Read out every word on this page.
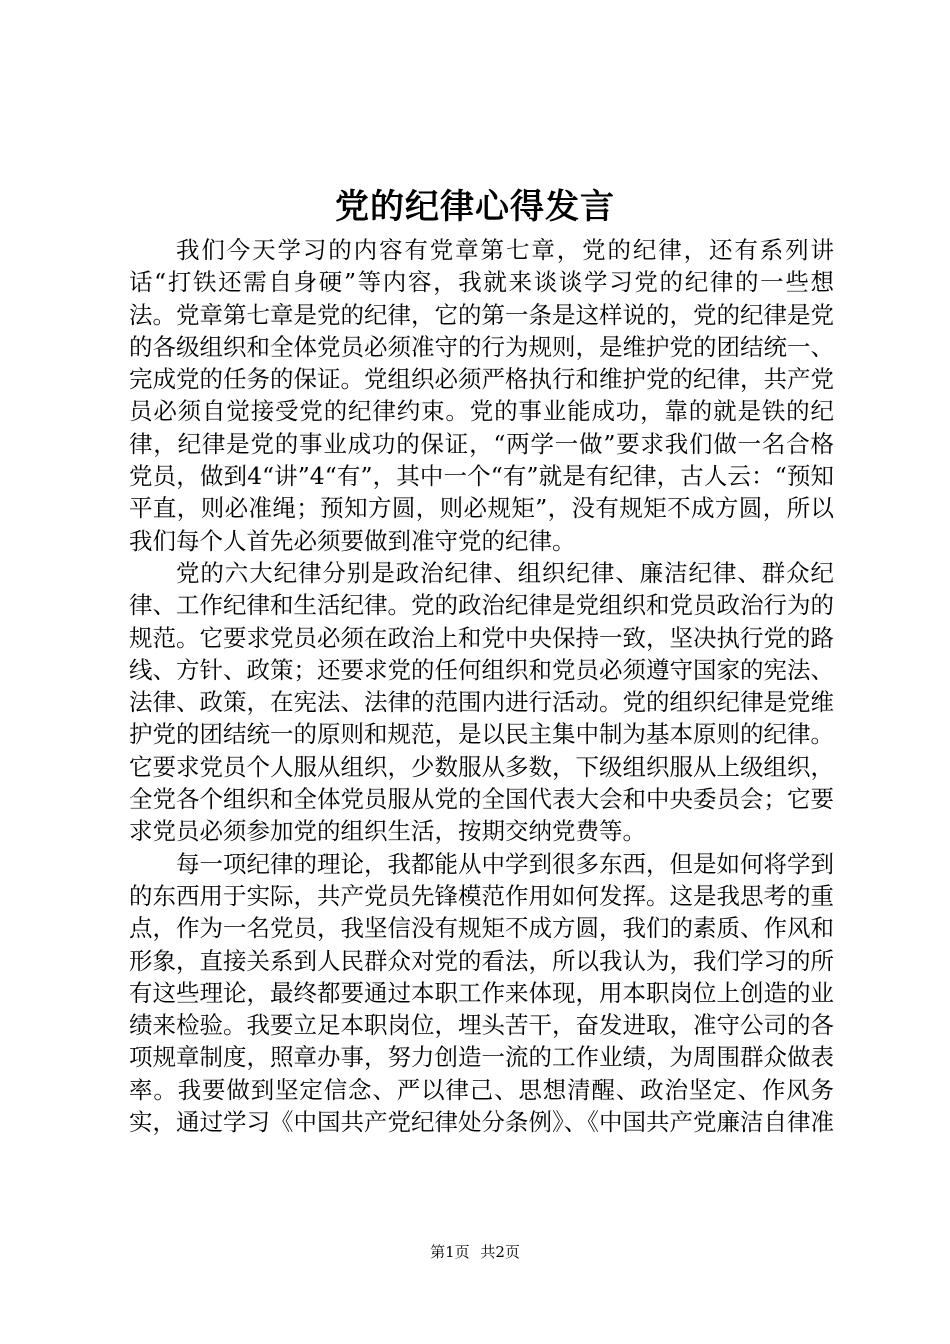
党的纪律心得发言

我们今天学习的内容有党章第七章，党的纪律，还有系列讲话“打铁还需自身硬”等内容，我就来谈谈学习党的纪律的一些想法。党章第七章是党的纪律，它的第一条是这样说的，党的纪律是党的各级组织和全体党员必须准守的行为规则，是维护党的团结统一、完成党的任务的保证。党组织必须严格执行和维护党的纪律，共产党员必须自觉接受党的纪律约束。党的事业能成功，靠的就是铁的纪律，纪律是党的事业成功的保证，“两学一做”要求我们做一名合格党员，做到4“讲”4“有”，其中一个“有”就是有纪律，古人云：“预知平直，则必准绳；预知方圆，则必规矩”，没有规矩不成方圆，所以我们每个人首先必须要做到准守党的纪律。

党的六大纪律分别是政治纪律、组织纪律、廉洁纪律、群众纪律、工作纪律和生活纪律。党的政治纪律是党组织和党员政治行为的规范。它要求党员必须在政治上和党中央保持一致，坚决执行党的路线、方针、政策；还要求党的任何组织和党员必须遵守国家的宪法、法律、政策，在宪法、法律的范围内进行活动。党的组织纪律是党维护党的团结统一的原则和规范，是以民主集中制为基本原则的纪律。它要求党员个人服从组织，少数服从多数，下级组织服从上级组织，全党各个组织和全体党员服从党的全国代表大会和中央委员会；它要求党员必须参加党的组织生活，按期交纳党费等。

每一项纪律的理论，我都能从中学到很多东西，但是如何将学到的东西用于实际，共产党员先锋模范作用如何发挥。这是我思考的重点，作为一名党员，我坚信没有规矩不成方圆，我们的素质、作风和形象，直接关系到人民群众对党的看法，所以我认为，我们学习的所有这些理论，最终都要通过本职工作来体现，用本职岗位上创造的业绩来检验。我要立足本职岗位，埋头苦干，奋发进取，准守公司的各项规章制度，照章办事，努力创造一流的工作业绩，为周围群众做表率。我要做到坚定信念、严以律己、思想清醒、政治坚定、作风务实，通过学习《中国共产党纪律处分条例》、《中国共产党廉洁自律准

第1页 共2页
